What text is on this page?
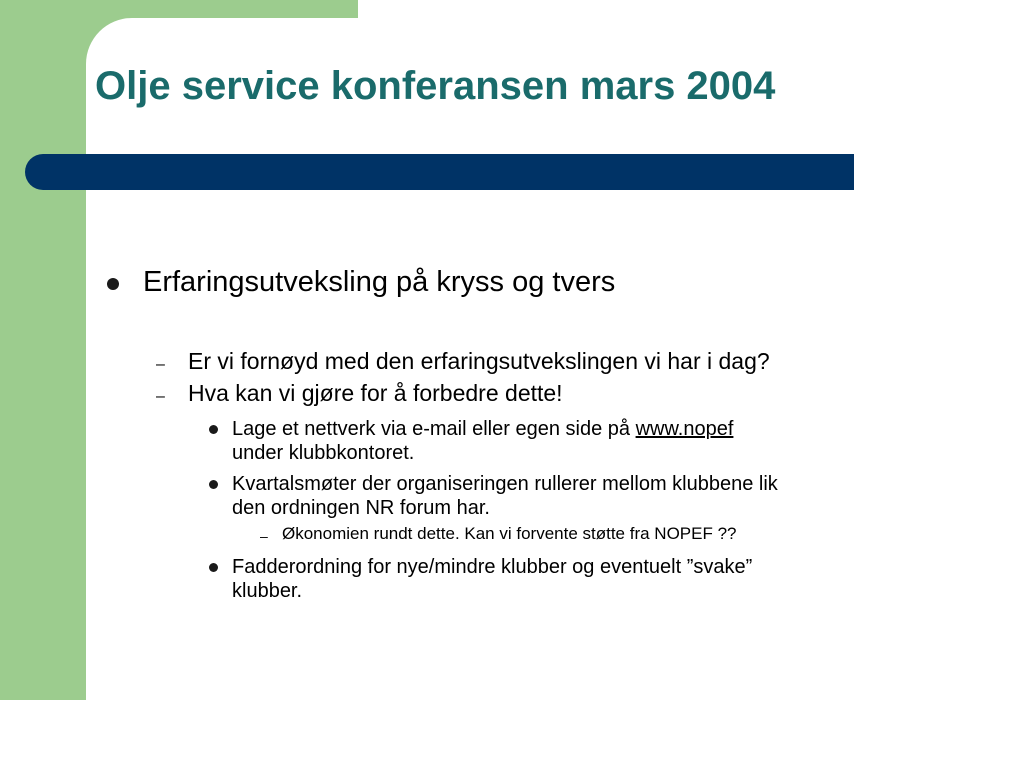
Olje service konferansen mars 2004
Erfaringsutveksling på kryss og tvers
– Er vi fornøyd med den erfaringsutvekslingen vi har i dag?
– Hva kan vi gjøre for å forbedre dette!
Lage et nettverk via e-mail eller egen side på www.nopef
under klubbkontoret.
Kvartalsmøter der organiseringen rullerer mellom klubbene lik
den ordningen NR forum har.
– Økonomien rundt dette. Kan vi forvente støtte fra NOPEF ??
Fadderordning for nye/mindre klubber og eventuelt ”svake”
klubber.
